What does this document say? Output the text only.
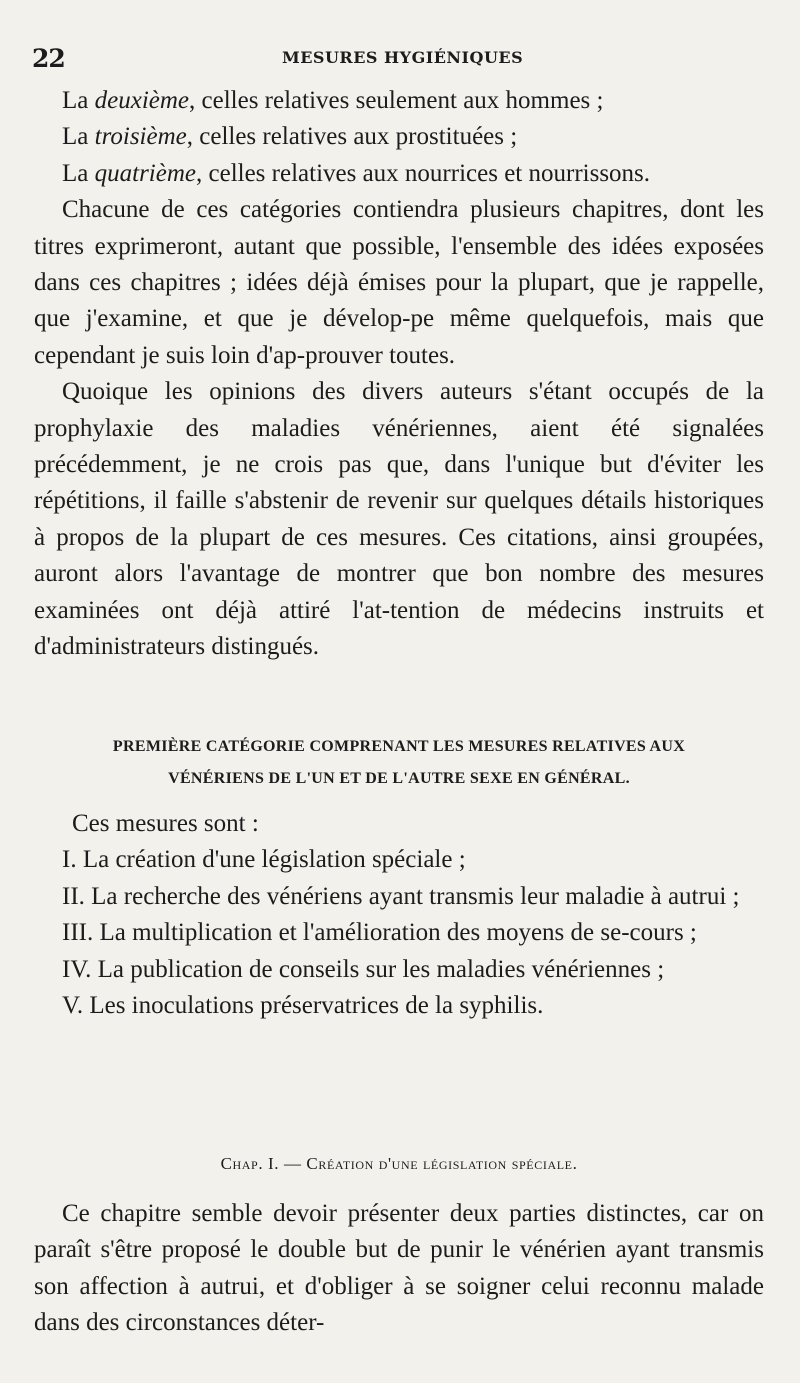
22	MESURES HYGIÉNIQUES

La deuxième, celles relatives seulement aux hommes ;

La troisième, celles relatives aux prostituées ;

La quatrième, celles relatives aux nourrices et nourrissons.

Chacune de ces catégories contiendra plusieurs chapitres, dont les titres exprimeront, autant que possible, l'ensemble des idées exposées dans ces chapitres ; idées déjà émises pour la plupart, que je rappelle, que j'examine, et que je dévelop-pe même quelquefois, mais que cependant je suis loin d'ap-prouver toutes.

Quoique les opinions des divers auteurs s'étant occupés de la prophylaxie des maladies vénériennes, aient été signalées précédemment, je ne crois pas que, dans l'unique but d'éviter les répétitions, il faille s'abstenir de revenir sur quelques détails historiques à propos de la plupart de ces mesures. Ces citations, ainsi groupées, auront alors l'avantage de montrer que bon nombre des mesures examinées ont déjà attiré l'at-tention de médecins instruits et d'administrateurs distingués.

PREMIÈRE CATÉGORIE COMPRENANT LES MESURES RELATIVES AUX
VÉNÉRIENS DE L'UN ET DE L'AUTRE SEXE EN GÉNÉRAL.

Ces mesures sont :

I. La création d'une législation spéciale ;

II. La recherche des vénériens ayant transmis leur maladie à autrui ;

III. La multiplication et l'amélioration des moyens de se-cours ;

IV. La publication de conseils sur les maladies vénériennes ;

V. Les inoculations préservatrices de la syphilis.

Chap. I. — Création d'une législation spéciale.

Ce chapitre semble devoir présenter deux parties distinctes, car on paraît s'être proposé le double but de punir le vénérien ayant transmis son affection à autrui, et d'obliger à se soigner celui reconnu malade dans des circonstances déter-
